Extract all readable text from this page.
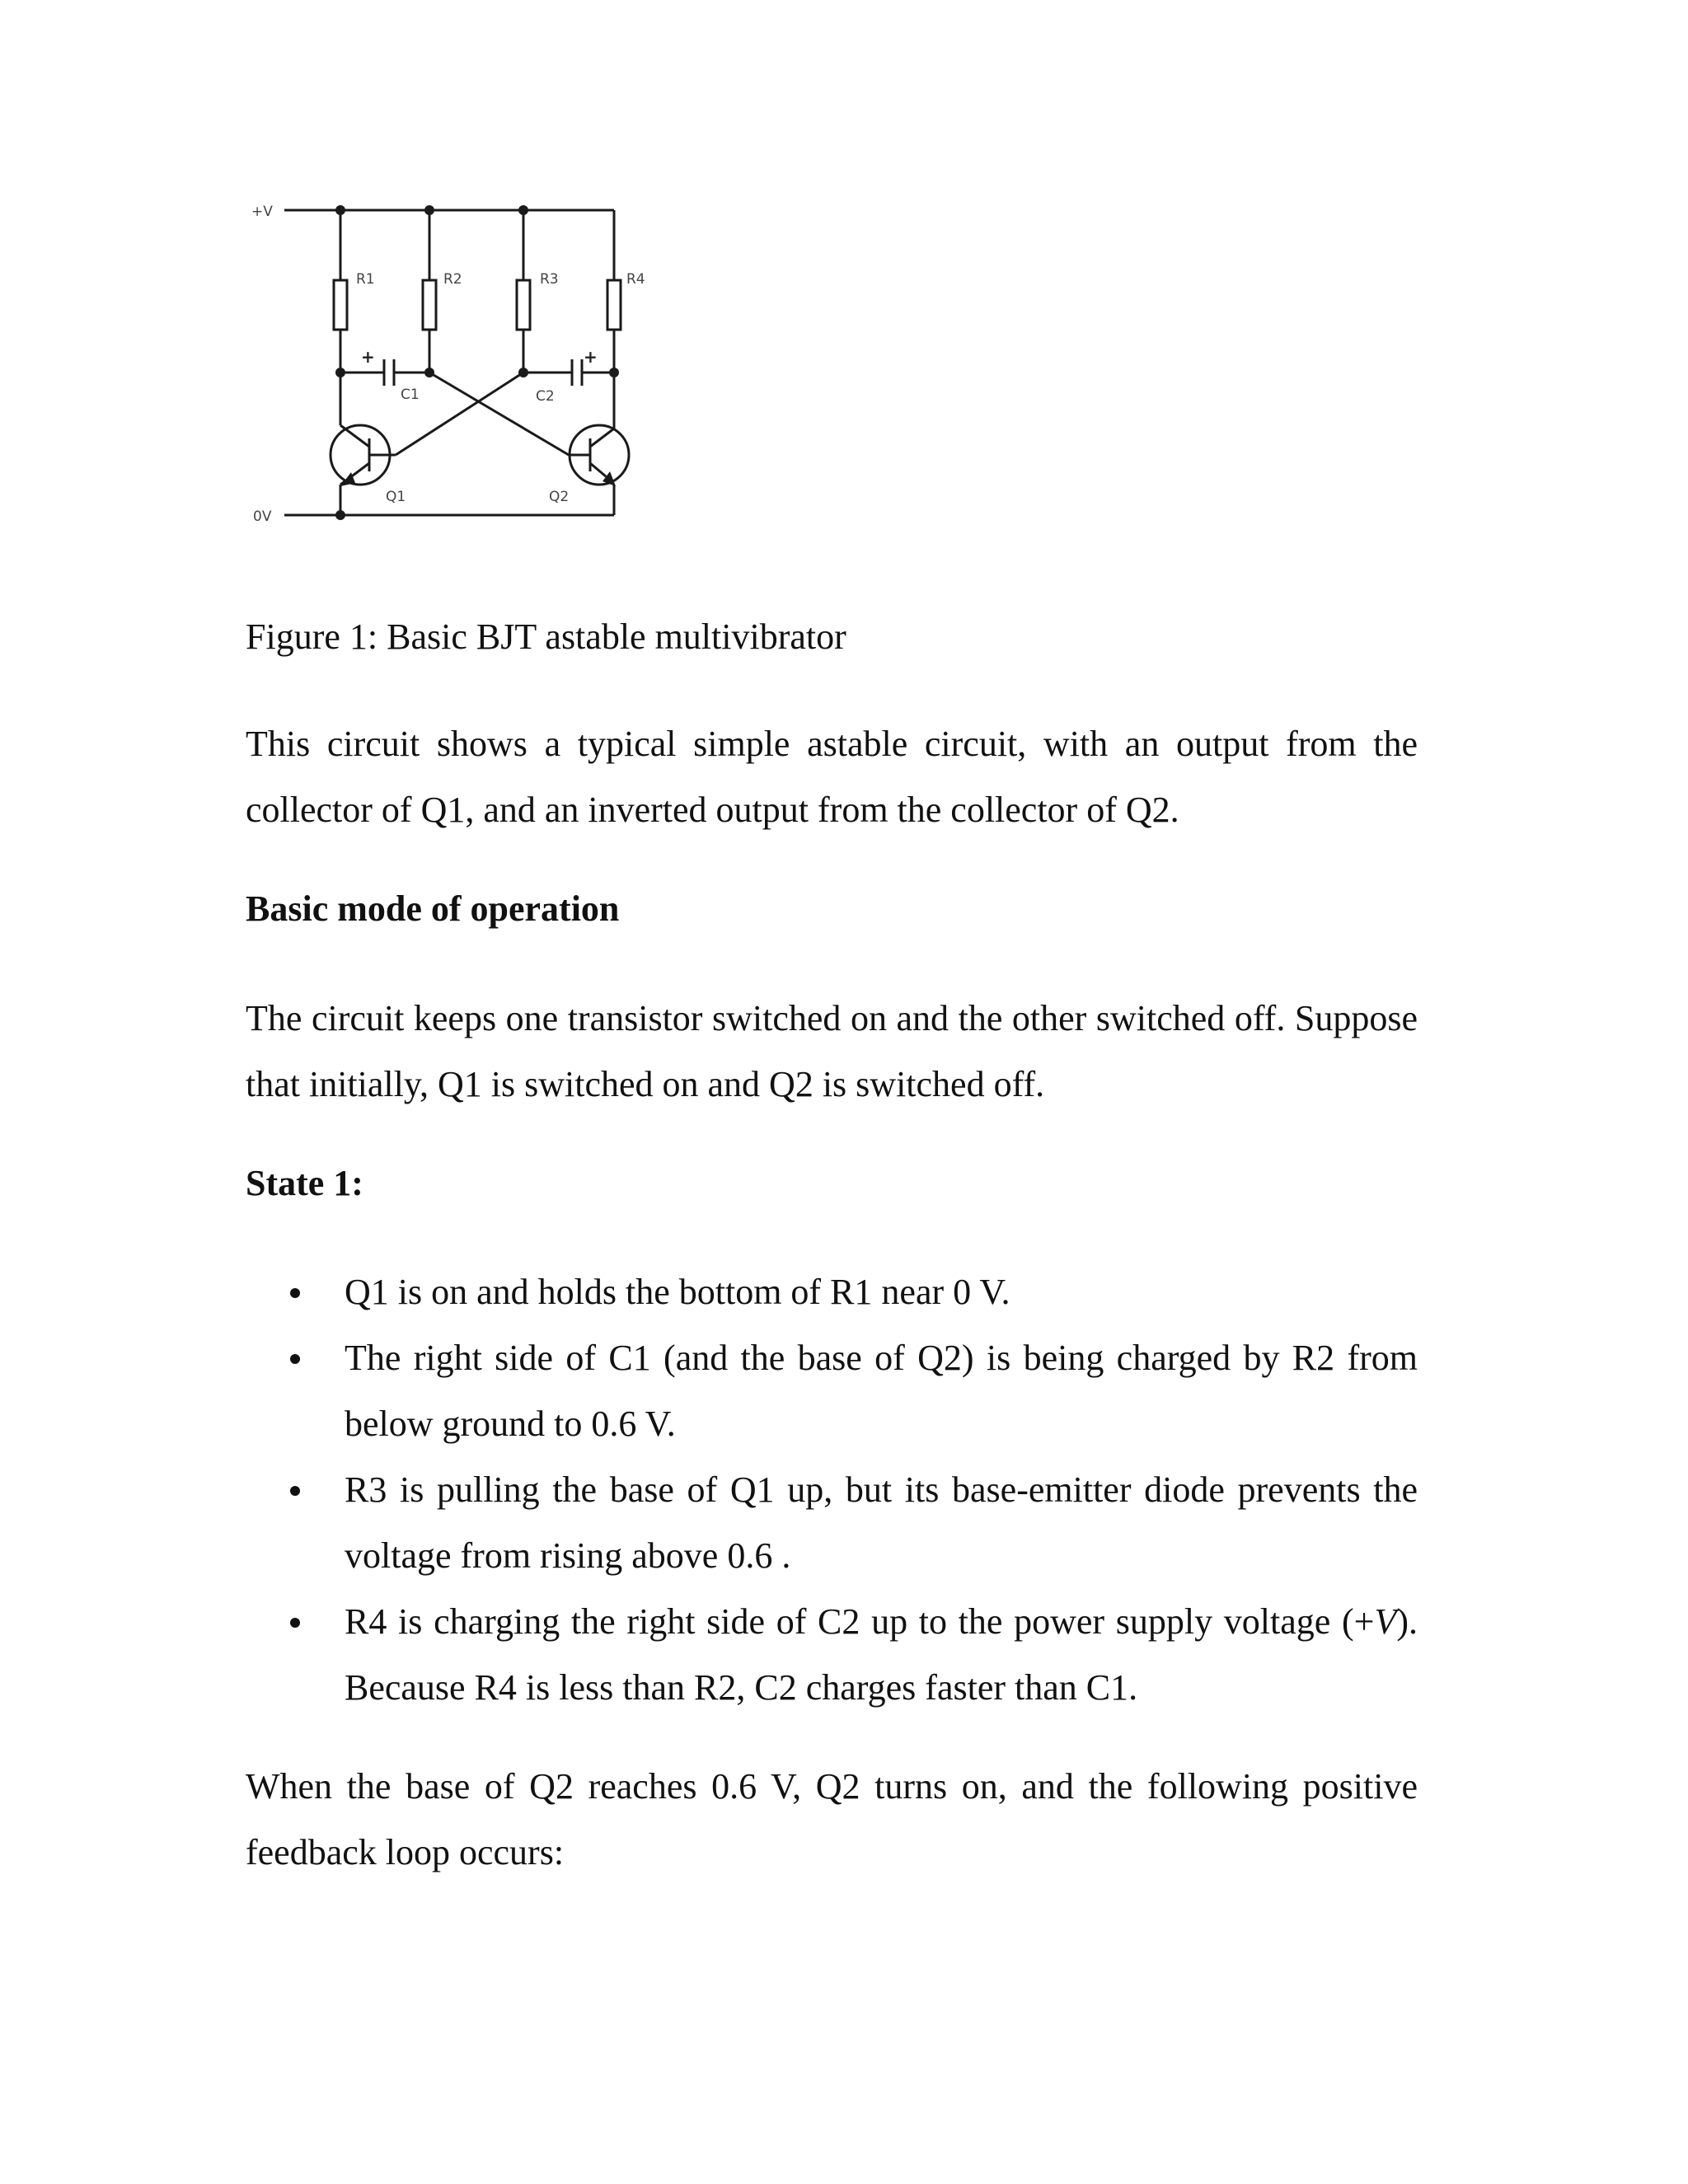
+V
0V
R1	R2	R3	R4
C1	C2
Q1	Q2
+	+

Figure 1: Basic BJT astable multivibrator

This circuit shows a typical simple astable circuit, with an output from the collector of Q1, and an inverted output from the collector of Q2.

Basic mode of operation

The circuit keeps one transistor switched on and the other switched off. Suppose that initially, Q1 is switched on and Q2 is switched off.

State 1:

Q1 is on and holds the bottom of R1 near 0 V.
The right side of C1 (and the base of Q2) is being charged by R2 from below ground to 0.6 V.
R3 is pulling the base of Q1 up, but its base-emitter diode prevents the voltage from rising above 0.6 .
R4 is charging the right side of C2 up to the power supply voltage (+V). Because R4 is less than R2, C2 charges faster than C1.

When the base of Q2 reaches 0.6 V, Q2 turns on, and the following positive feedback loop occurs:
